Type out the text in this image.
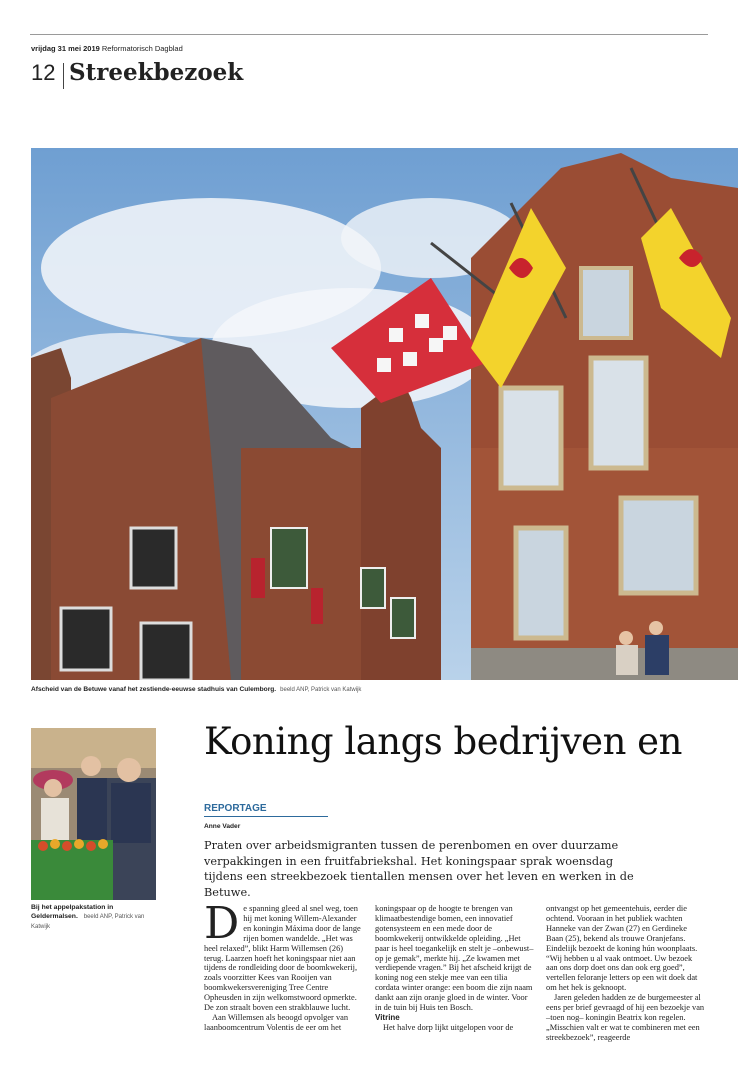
vrijdag 31 mei 2019 Reformatorisch Dagblad
12 Streekbezoek
Afscheid van de Betuwe vanaf het zestiende-eeuwse stadhuis van Culemborg. beeld ANP, Patrick van Katwijk
Bij het appelpakstation in Geldermalsen. beeld ANP, Patrick van Katwijk
Koning langs bedrijven en
REPORTAGE
Anne Vader
Praten over arbeidsmigranten tussen de perenbomen en over duurzame verpakkingen in een fruitfabriekshal. Het koningspaar sprak woensdag tijdens een streekbezoek tientallen mensen over het leven en werken in de Betuwe.
D e spanning gleed al snel weg, toen hij met koning Willem-Alexander en koningin Máxima door de lange rijen bomen wandelde. „Het was heel relaxed”, blikt Harm Willemsen (26) terug. Laarzen hoeft het koningspaar niet aan tijdens de rondleiding door de boomkwekerij, zoals voorzitter Kees van Rooijen van boomkwekersvereniging Tree Centre Opheusden in zijn welkomstwoord opmerkte. De zon straalt boven een strakblauwe lucht.

Aan Willemsen als beoogd opvolger van laanboomcentrum Volentis de eer om het

koningspaar op de hoogte te brengen van klimaatbestendige bomen, een innovatief gotensysteem en een mede door de boomkwekerij ontwikkelde opleiding. „Het paar is heel toegankelijk en stelt je –onbewust– op je gemak”, merkte hij. „Ze kwamen met verdiepende vragen.” Bij het afscheid krijgt de koning nog een stekje mee van een tilia cordata winter orange: een boom die zijn naam dankt aan zijn oranje gloed in de winter. Voor in de tuin bij Huis ten Bosch.

Vitrine

Het halve dorp lijkt uitgelopen voor de

ontvangst op het gemeentehuis, eerder die ochtend. Vooraan in het publiek wachten Hanneke van der Zwan (27) en Gerdineke Baan (25), bekend als trouwe Oranjefans. Eindelijk bezoekt de koning hún woonplaats. “Wij hebben u al vaak ontmoet. Uw bezoek aan ons dorp doet ons dan ook erg goed”, vertellen feloranje letters op een wit doek dat om het hek is geknoopt.

Jaren geleden hadden ze de burgemeester al eens per brief gevraagd of hij een bezoekje van –toen nog– koningin Beatrix kon regelen. „Misschien valt er wat te combineren met een streekbezoek”, reageerde
